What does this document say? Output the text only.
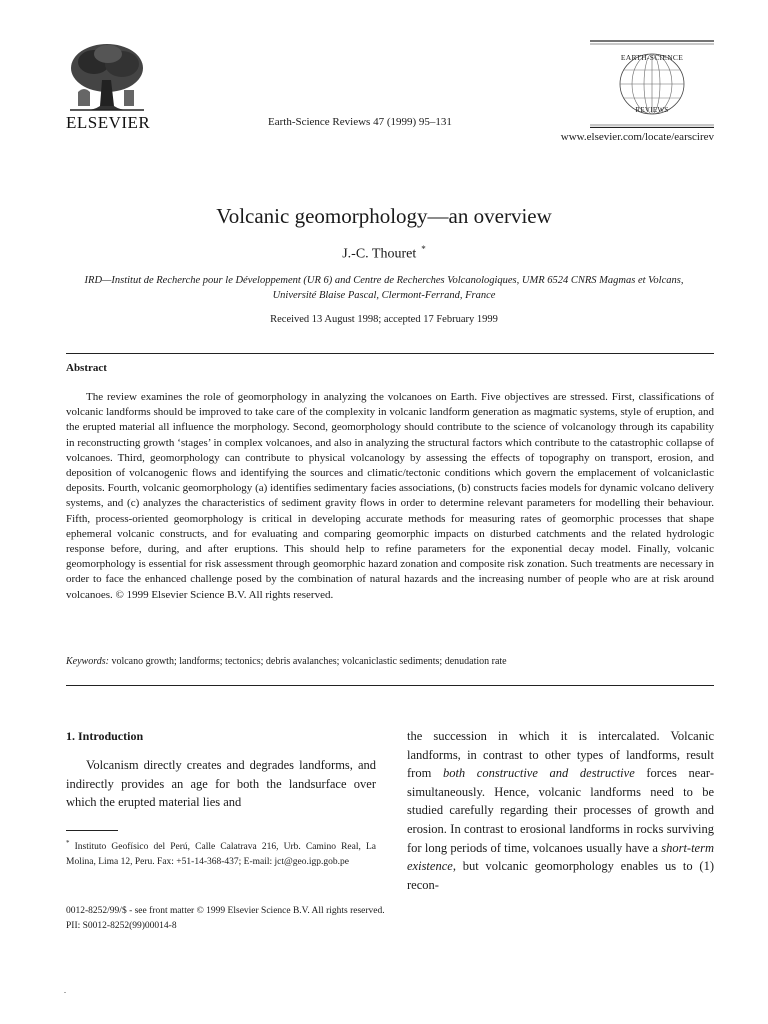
ELSEVIER	Earth-Science Reviews 47 (1999) 95–131
EARTH-SCIENCE
REVIEWS
www.elsevier.com/locate/earscirev
Volcanic geomorphology—an overview
J.-C. Thouret *
IRD—Institut de Recherche pour le Développement (UR 6) and Centre de Recherches Volcanologiques, UMR 6524 CNRS Magmas et Volcans, Université Blaise Pascal, Clermont-Ferrand, France
Received 13 August 1998; accepted 17 February 1999
Abstract

The review examines the role of geomorphology in analyzing the volcanoes on Earth. Five objectives are stressed. First, classifications of volcanic landforms should be improved to take care of the complexity in volcanic landform generation as magmatic systems, style of eruption, and the erupted material all influence the morphology. Second, geomorphology should contribute to the science of volcanology through its capability in reconstructing growth ‘stages’ in complex volcanoes, and also in analyzing the structural factors which contribute to the catastrophic collapse of volcanoes. Third, geomorphology can contribute to physical volcanology by assessing the effects of topography on transport, erosion, and deposition of volcanogenic flows and identifying the sources and climatic/tectonic conditions which govern the emplacement of volcaniclastic deposits. Fourth, volcanic geomorphology (a) identifies sedimentary facies associations, (b) constructs facies models for dynamic volcano delivery systems, and (c) analyzes the characteristics of sediment gravity flows in order to determine relevant parameters for modelling their behaviour. Fifth, process-oriented geomorphology is critical in developing accurate methods for measuring rates of geomorphic processes that shape ephemeral volcanic constructs, and for evaluating and comparing geomorphic impacts on disturbed catchments and the related hydrologic response before, during, and after eruptions. This should help to refine parameters for the exponential decay model. Finally, volcanic geomorphology is essential for risk assessment through geomorphic hazard zonation and composite risk zonation. Such treatments are necessary in order to face the enhanced challenge posed by the combination of natural hazards and the increasing number of people who are at risk around volcanoes. © 1999 Elsevier Science B.V. All rights reserved.

Keywords: volcano growth; landforms; tectonics; debris avalanches; volcaniclastic sediments; denudation rate
1. Introduction

Volcanism directly creates and degrades landforms, and indirectly provides an age for both the landsurface over which the erupted material lies and

the succession in which it is intercalated. Volcanic landforms, in contrast to other types of landforms, result from both constructive and destructive forces near-simultaneously. Hence, volcanic landforms need to be studied carefully regarding their processes of growth and erosion. In contrast to erosional landforms in rocks surviving for long periods of time, volcanoes usually have a short-term existence, but volcanic geomorphology enables us to (1) recon-

* Instituto Geofísico del Perú, Calle Calatrava 216, Urb. Camino Real, La Molina, Lima 12, Peru. Fax: +51-14-368-437; E-mail: jct@geo.igp.gob.pe

0012-8252/99/$ - see front matter © 1999 Elsevier Science B.V. All rights reserved.
PII: S0012-8252(99)00014-8
.
